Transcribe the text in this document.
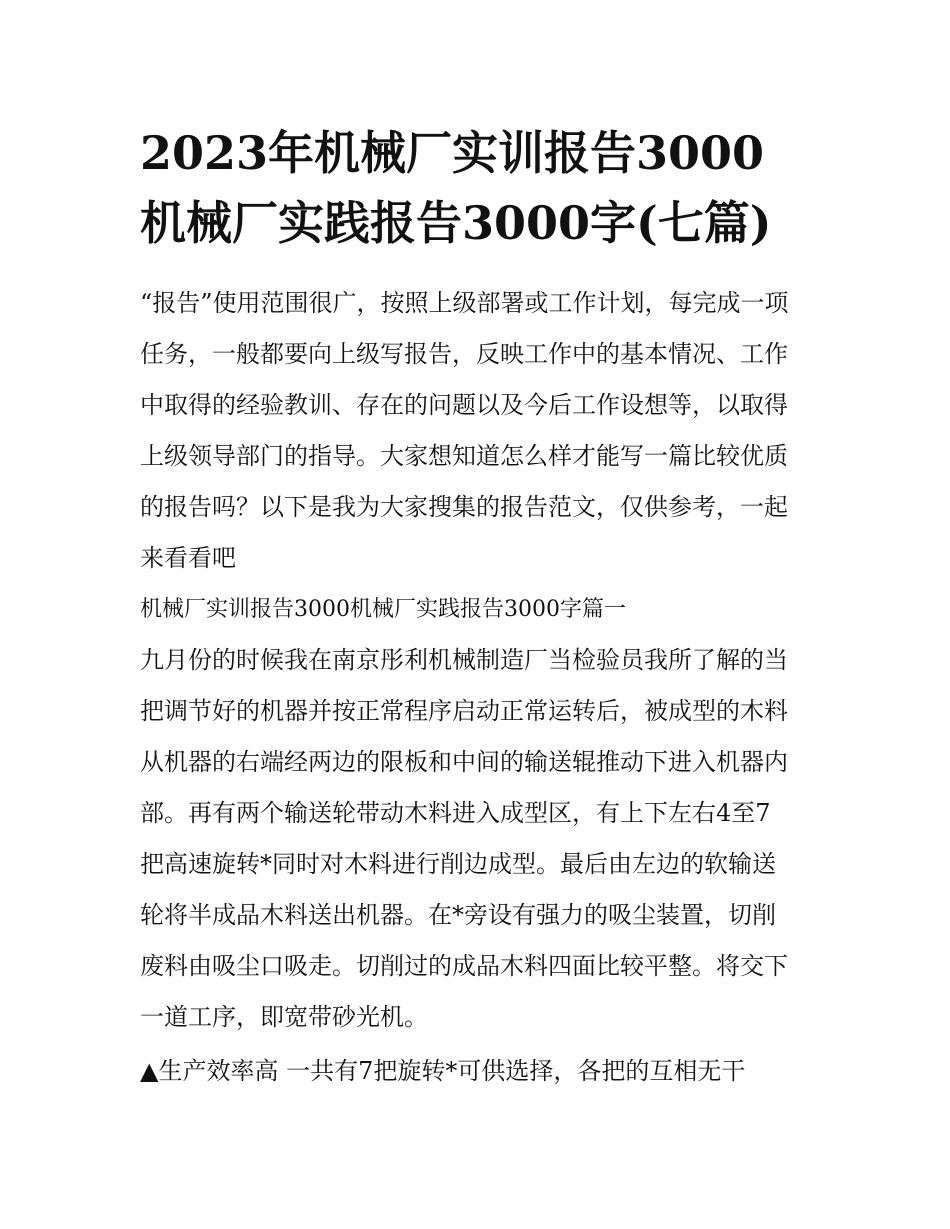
2023年机械厂实训报告3000
机械厂实践报告3000字(七篇)
“报告”使用范围很广，按照上级部署或工作计划，每完成一项
任务，一般都要向上级写报告，反映工作中的基本情况、工作
中取得的经验教训、存在的问题以及今后工作设想等，以取得
上级领导部门的指导。大家想知道怎么样才能写一篇比较优质
的报告吗？以下是我为大家搜集的报告范文，仅供参考，一起
来看看吧
机械厂实训报告3000机械厂实践报告3000字篇一
九月份的时候我在南京彤利机械制造厂当检验员我所了解的当
把调节好的机器并按正常程序启动正常运转后，被成型的木料
从机器的右端经两边的限板和中间的输送辊推动下进入机器内
部。再有两个输送轮带动木料进入成型区，有上下左右4至7
把高速旋转*同时对木料进行削边成型。最后由左边的软输送
轮将半成品木料送出机器。在*旁设有强力的吸尘装置，切削
废料由吸尘口吸走。切削过的成品木料四面比较平整。将交下
一道工序，即宽带砂光机。

▲生产效率高 一共有7把旋转*可供选择，各把的互相无干
